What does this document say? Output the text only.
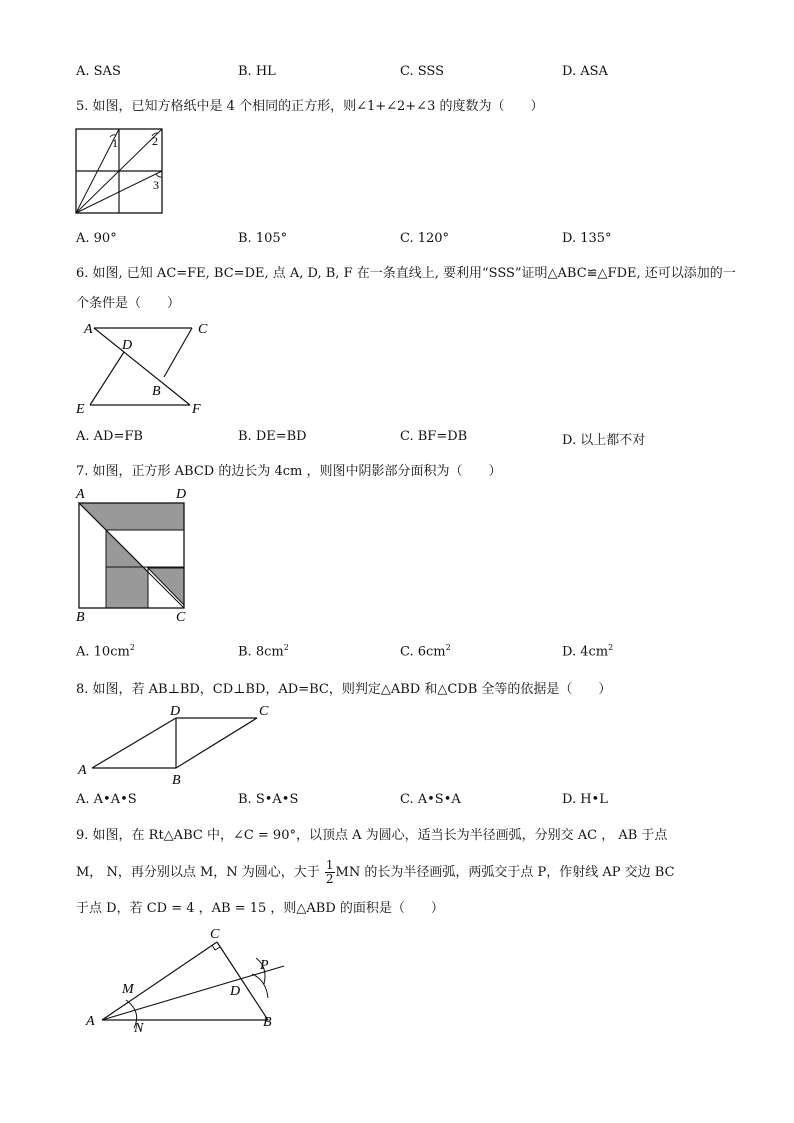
A. SAS	B. HL	C. SSS	D. ASA
5. 如图，已知方格纸中是 4 个相同的正方形，则∠1+∠2+∠3 的度数为（　　）
1	2
3
A. 90°	B. 105°	C. 120°	D. 135°
6. 如图, 已知 AC=FE, BC=DE, 点 A, D, B, F 在一条直线上, 要利用“SSS”证明△ABC≌△FDE, 还可以添加的一
个条件是（　　）
A	C
D
B
E	F
A. AD=FB	B. DE=BD	C. BF=DB	D. 以上都不对
7. 如图，正方形 ABCD 的边长为 4cm ，则图中阴影部分面积为（　　）
A	D
B	C
A. $10cm^2$	B. $8cm^2$	C. $6cm^2$	D. $4cm^2$
8. 如图，若 AB⊥BD，CD⊥BD，AD=BC，则判定△ABD 和△CDB 全等的依据是（　　）
D	C
A
B
A. A•A•S	B. S•A•S	C. A•S•A	D. H•L
9. 如图，在 Rt△ABC 中，∠C = 90°，以顶点 A 为圆心，适当长为半径画弧，分别交 AC ， AB 于点
M， N，再分别以点 M，N 为圆心，大于 $\frac{1}{2}$ MN 的长为半径画弧，两弧交于点 P，作射线 AP 交边 BC
于点 D，若 CD = 4 ，AB = 15 ，则△ABD 的面积是（　　）
C
P
M	D
A	N	B
